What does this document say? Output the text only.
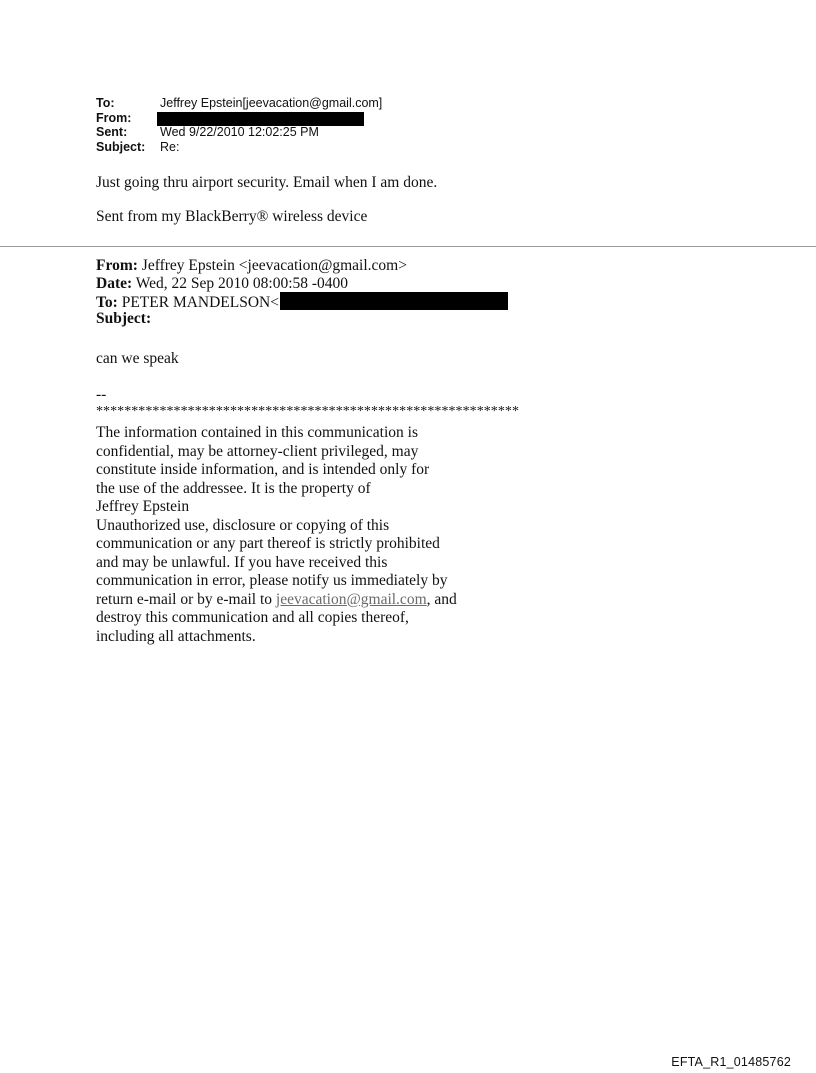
To:	Jeffrey Epstein[jeevacation@gmail.com]
From:
Sent:	Wed 9/22/2010 12:02:25 PM
Subject: Re:
Just going thru airport security. Email when I am done.
Sent from my BlackBerry® wireless device
From: Jeffrey Epstein <jeevacation@gmail.com>
Date: Wed, 22 Sep 2010 08:00:58 -0400
To: PETER MANDELSON<
Subject:
can we speak
--
************************************************************
The information contained in this communication is
confidential, may be attorney-client privileged, may
constitute inside information, and is intended only for
the use of the addressee. It is the property of
Jeffrey Epstein
Unauthorized use, disclosure or copying of this
communication or any part thereof is strictly prohibited
and may be unlawful. If you have received this
communication in error, please notify us immediately by
return e-mail or by e-mail to jeevacation@gmail.com, and
destroy this communication and all copies thereof,
including all attachments.
EFTA_R1_01485762
